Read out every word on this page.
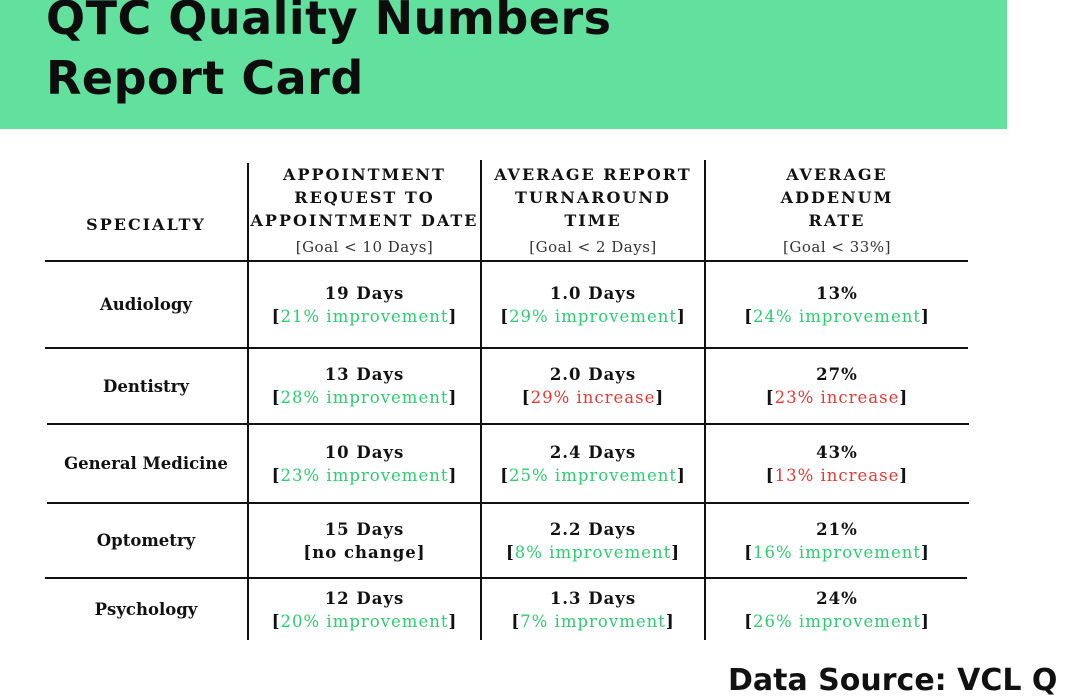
QTC Quality Numbers
Report Card
SPECIALTY
APPOINTMENT
REQUEST TO
APPOINTMENT DATE
[Goal < 10 Days]
AVERAGE REPORT
TURNAROUND
TIME
[Goal < 2 Days]
AVERAGE
ADDENUM
RATE
[Goal < 33%]
Audiology
19 Days
[21% improvement]
1.0 Days
[29% improvement]
13%
[24% improvement]
Dentistry
13 Days
[28% improvement]
2.0 Days
[29% increase]
27%
[23% increase]
General Medicine
10 Days
[23% improvement]
2.4 Days
[25% improvement]
43%
[13% increase]
Optometry
15 Days
[no change]
2.2 Days
[8% improvement]
21%
[16% improvement]
Psychology
12 Days
[20% improvement]
1.3 Days
[7% improvment]
24%
[26% improvement]

Data Source: VCL Q
